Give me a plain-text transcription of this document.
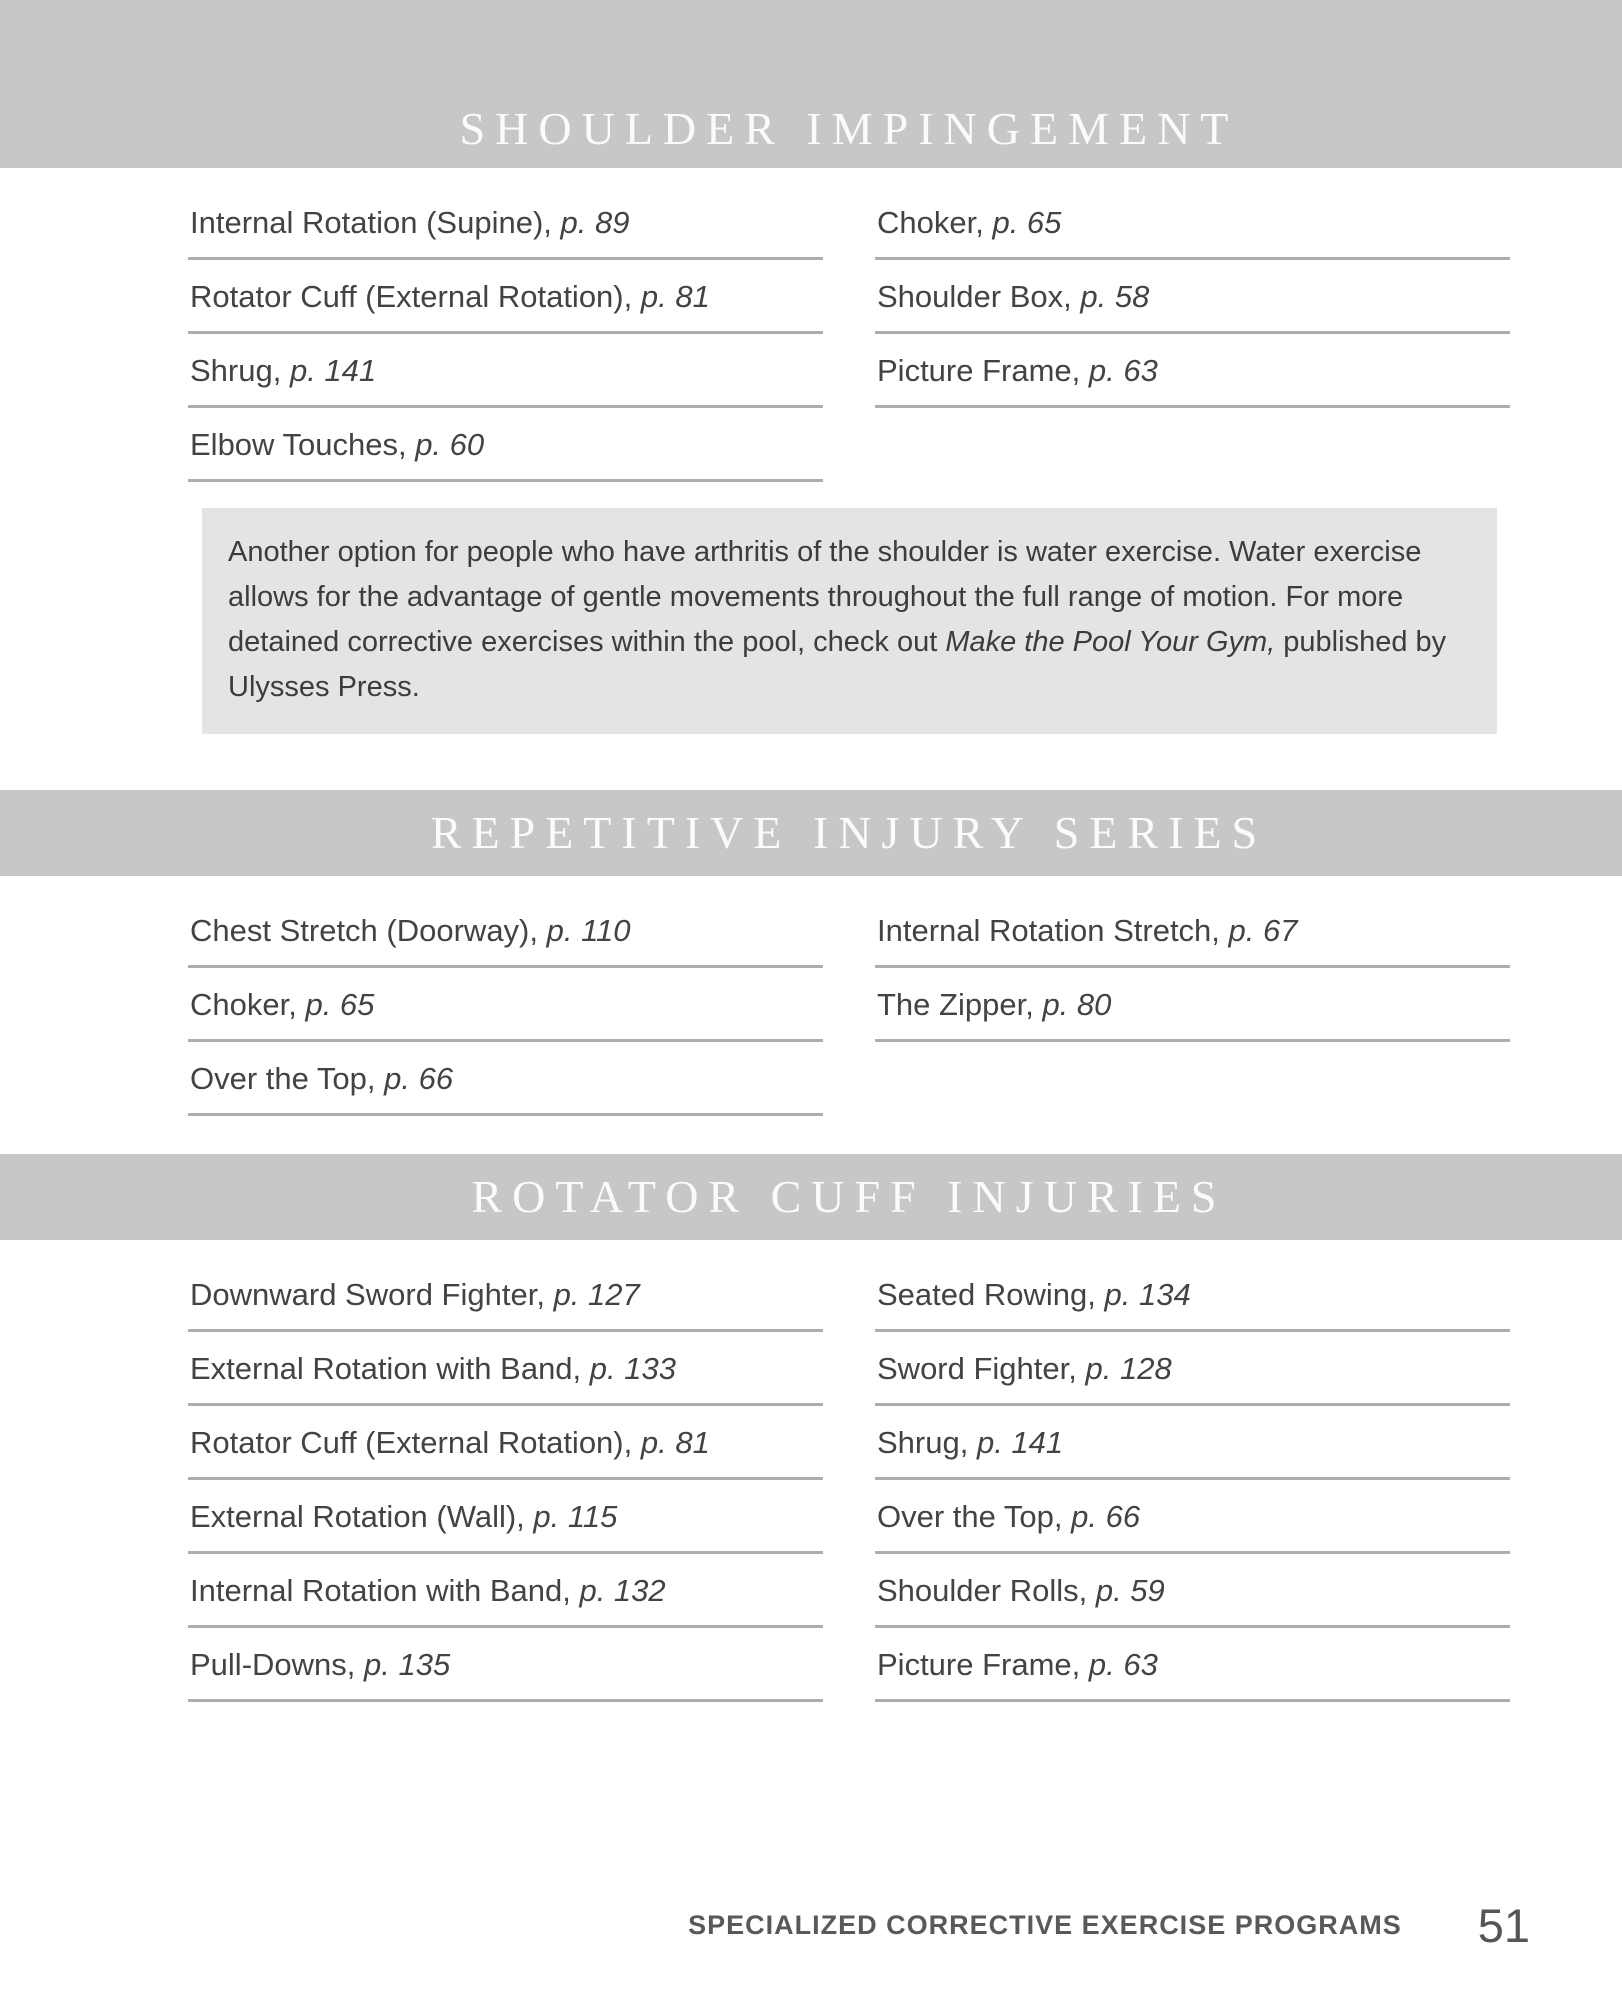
SHOULDER IMPINGEMENT
Internal Rotation (Supine), p. 89
Rotator Cuff (External Rotation), p. 81
Shrug, p. 141
Elbow Touches, p. 60
Choker, p. 65
Shoulder Box, p. 58
Picture Frame, p. 63
Another option for people who have arthritis of the shoulder is water exercise. Water exercise allows for the advantage of gentle movements throughout the full range of motion. For more detained corrective exercises within the pool, check out Make the Pool Your Gym, published by Ulysses Press.
REPETITIVE INJURY SERIES
Chest Stretch (Doorway), p. 110
Choker, p. 65
Over the Top, p. 66
Internal Rotation Stretch, p. 67
The Zipper, p. 80
ROTATOR CUFF INJURIES
Downward Sword Fighter, p. 127
External Rotation with Band, p. 133
Rotator Cuff (External Rotation), p. 81
External Rotation (Wall), p. 115
Internal Rotation with Band, p. 132
Pull-Downs, p. 135
Seated Rowing, p. 134
Sword Fighter, p. 128
Shrug, p. 141
Over the Top, p. 66
Shoulder Rolls, p. 59
Picture Frame, p. 63
SPECIALIZED CORRECTIVE EXERCISE PROGRAMS 51
